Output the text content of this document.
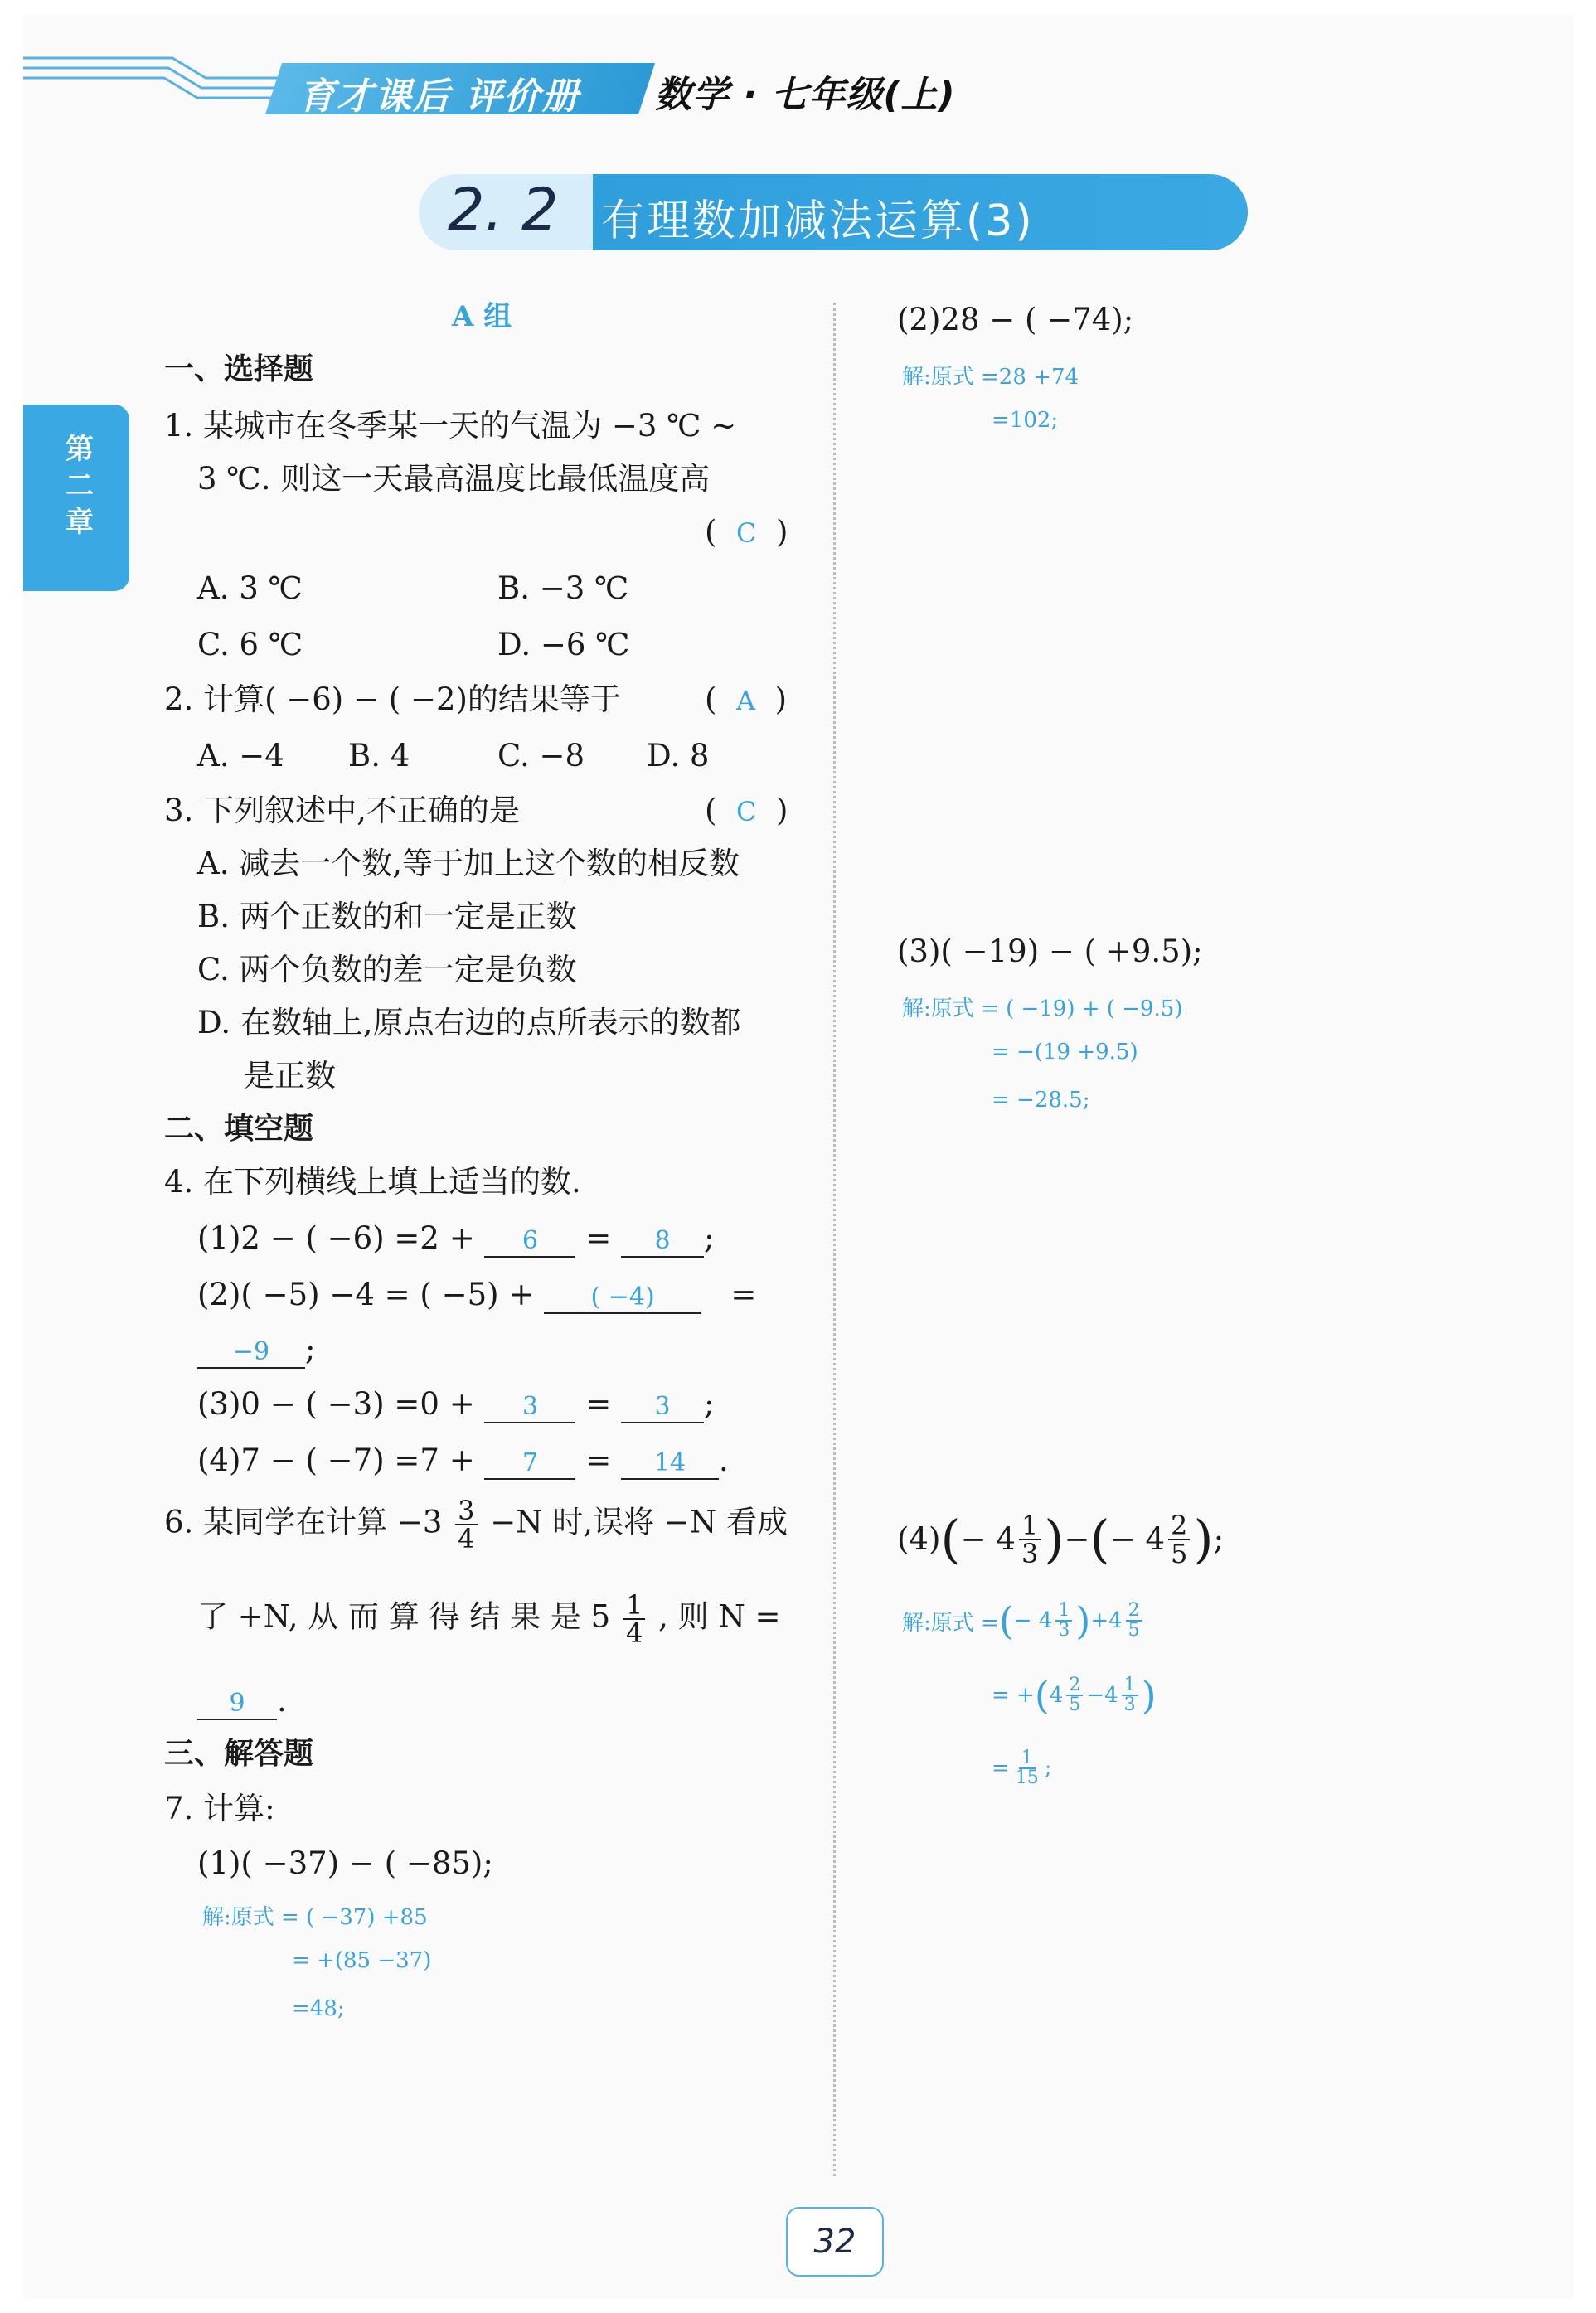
育才课后 评价册 数学 · 七年级(上)
2. 2 有理数加减法运算(3)
第二章
A 组
一、选择题
1. 某城市在冬季某一天的气温为 −3 ℃ ~
3 ℃. 则这一天最高温度比最低温度高
(  C  )
A. 3 ℃	B. −3 ℃
C. 6 ℃	D. −6 ℃
2. 计算( −6) − ( −2)的结果等于	(  A  )
A. −4 B. 4	C. −8 D. 8
3. 下列叙述中,不正确的是	(  C  )
A. 减去一个数,等于加上这个数的相反数
B. 两个正数的和一定是正数
C. 两个负数的差一定是负数
D. 在数轴上,原点右边的点所表示的数都
是正数
二、填空题
4. 在下列横线上填上适当的数.
(1)2 − ( −6) =2 + 6 = 8 ;
(2)( −5) −4 = ( −5) + ( −4) =
−9 ;
(3)0 − ( −3) =0 + 3 = 3 ;
(4)7 − ( −7) =7 + 7 = 14 .
6. 某同学在计算 $-3 \frac{3}{4} -N$ 时,误将 −N 看成
了 +N, 从 而 算 得 结 果 是 $5 \frac{1}{4}$ , 则 N =
9 .
三、解答题
7. 计算:
(1)( −37) − ( −85);
解:原式 = ( −37) +85
= +(85 −37)
=48;
(2)28 − ( −74);
解:原式 =28 +74
=102;
(3)( −19) − ( +9.5);
解:原式 = ( −19) + ( −9.5)
= −(19 +9.5)
= −28.5;
(4) ( − $4 \frac{1}{3}$ ) − ( − $4 \frac{2}{5}$ ) ;
解:原式 = ( − $4 \frac{1}{3}$ ) $+4 \frac{2}{5}$
= + ( $4 \frac{2}{5} -4 \frac{1}{3}$ )
= $\frac{1}{15}$ ;
32
